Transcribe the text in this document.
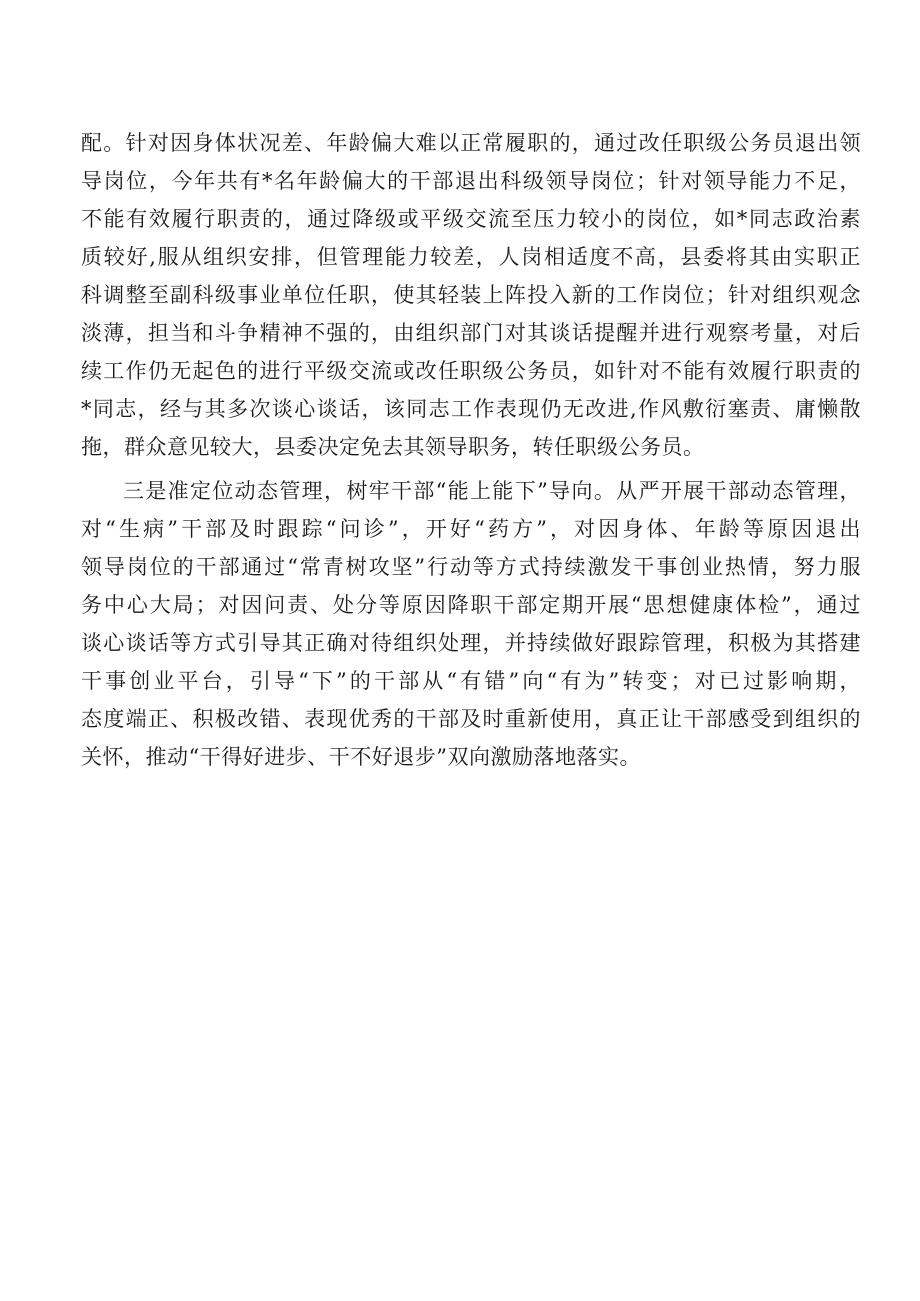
配。针对因身体状况差、年龄偏大难以正常履职的，通过改任职级公务员退出领
导岗位，今年共有*名年龄偏大的干部退出科级领导岗位；针对领导能力不足，
不能有效履行职责的，通过降级或平级交流至压力较小的岗位，如*同志政治素
质较好,服从组织安排，但管理能力较差，人岗相适度不高，县委将其由实职正
科调整至副科级事业单位任职，使其轻装上阵投入新的工作岗位；针对组织观念
淡薄，担当和斗争精神不强的，由组织部门对其谈话提醒并进行观察考量，对后
续工作仍无起色的进行平级交流或改任职级公务员，如针对不能有效履行职责的
*同志，经与其多次谈心谈话，该同志工作表现仍无改进,作风敷衍塞责、庸懒散
拖，群众意见较大，县委决定免去其领导职务，转任职级公务员。

三是准定位动态管理，树牢干部“能上能下”导向。从严开展干部动态管理，
对“生病”干部及时跟踪“问诊”，开好“药方”，对因身体、年龄等原因退出
领导岗位的干部通过“常青树攻坚”行动等方式持续激发干事创业热情，努力服
务中心大局；对因问责、处分等原因降职干部定期开展“思想健康体检”，通过
谈心谈话等方式引导其正确对待组织处理，并持续做好跟踪管理，积极为其搭建
干事创业平台，引导“下”的干部从“有错”向“有为”转变；对已过影响期，
态度端正、积极改错、表现优秀的干部及时重新使用，真正让干部感受到组织的
关怀，推动“干得好进步、干不好退步”双向激励落地落实。
